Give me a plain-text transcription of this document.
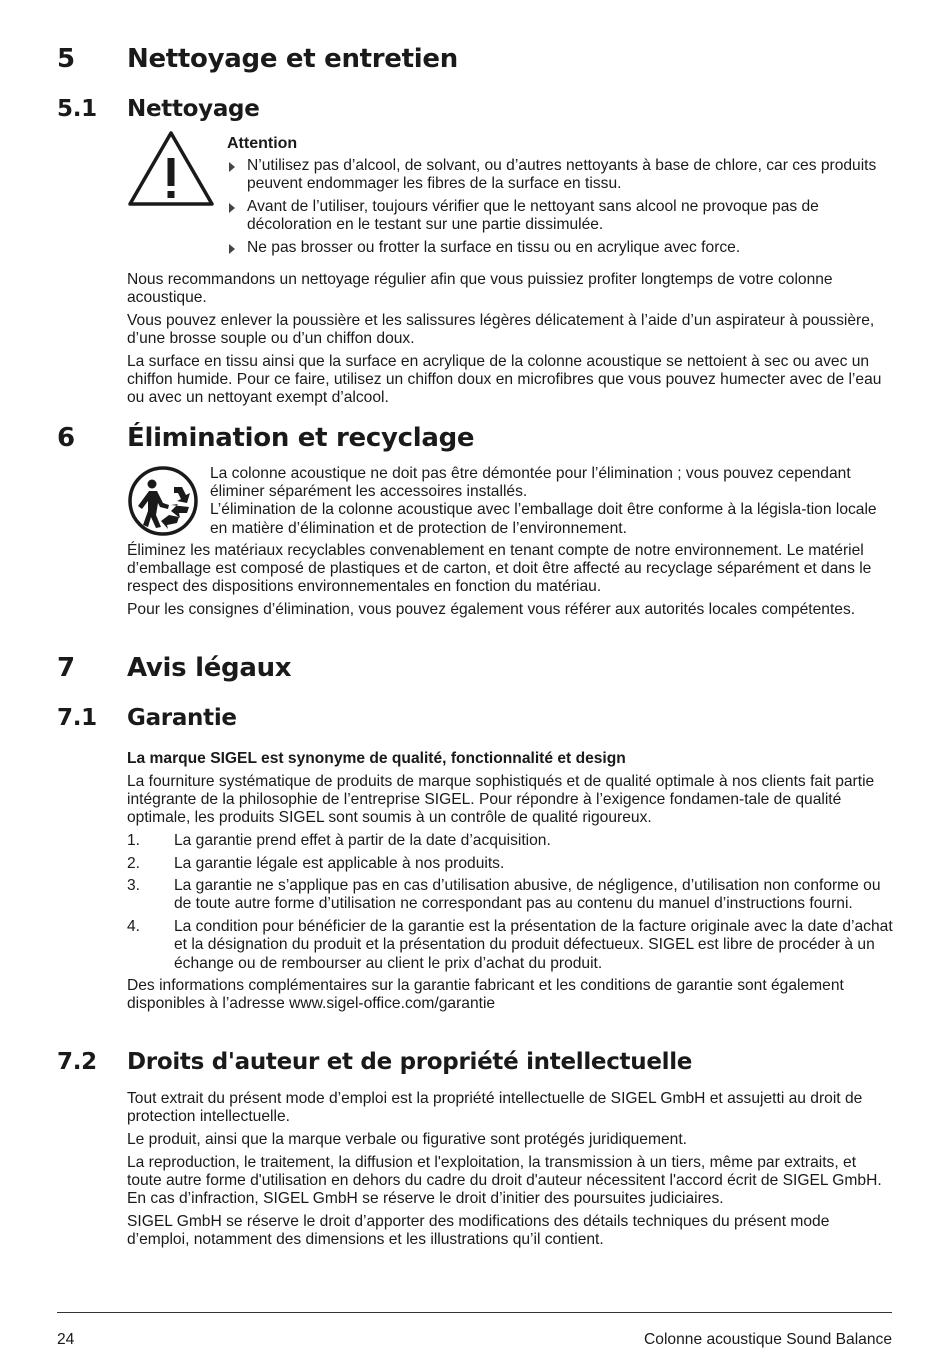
5	Nettoyage et entretien
5.1	Nettoyage
Attention
N’utilisez pas d’alcool, de solvant, ou d’autres nettoyants à base de chlore, car ces produits peuvent endommager les fibres de la surface en tissu.
Avant de l’utiliser, toujours vérifier que le nettoyant sans alcool ne provoque pas de décoloration en le testant sur une partie dissimulée.
Ne pas brosser ou frotter la surface en tissu ou en acrylique avec force.

Nous recommandons un nettoyage régulier afin que vous puissiez profiter longtemps de votre colonne acoustique.

Vous pouvez enlever la poussière et les salissures légères délicatement à l’aide d’un aspirateur à poussière, d’une brosse souple ou d’un chiffon doux.

La surface en tissu ainsi que la surface en acrylique de la colonne acoustique se nettoient à sec ou avec un chiffon humide. Pour ce faire, utilisez un chiffon doux en microfibres que vous pouvez humecter avec de l’eau ou avec un nettoyant exempt d’alcool.

6	Élimination et recyclage

La colonne acoustique ne doit pas être démontée pour l’élimination ; vous pouvez cependant éliminer séparément les accessoires installés.

L’élimination de la colonne acoustique avec l’emballage doit être conforme à la législa-tion locale en matière d’élimination et de protection de l’environnement.

Éliminez les matériaux recyclables convenablement en tenant compte de notre environnement. Le matériel d’emballage est composé de plastiques et de carton, et doit être affecté au recyclage séparément et dans le respect des dispositions environnementales en fonction du matériau.

Pour les consignes d’élimination, vous pouvez également vous référer aux autorités locales compétentes.

7	Avis légaux
7.1	Garantie

La marque SIGEL est synonyme de qualité, fonctionnalité et design

La fourniture systématique de produits de marque sophistiqués et de qualité optimale à nos clients fait partie intégrante de la philosophie de l’entreprise SIGEL. Pour répondre à l’exigence fondamen-tale de qualité optimale, les produits SIGEL sont soumis à un contrôle de qualité rigoureux.

1. La garantie prend effet à partir de la date d’acquisition.
2. La garantie légale est applicable à nos produits.
3. La garantie ne s’applique pas en cas d’utilisation abusive, de négligence, d’utilisation non conforme ou de toute autre forme d’utilisation ne correspondant pas au contenu du manuel d’instructions fourni.
4. La condition pour bénéficier de la garantie est la présentation de la facture originale avec la date d’achat et la désignation du produit et la présentation du produit défectueux. SIGEL est libre de procéder à un échange ou de rembourser au client le prix d’achat du produit.

Des informations complémentaires sur la garantie fabricant et les conditions de garantie sont également disponibles à l’adresse www.sigel-office.com/garantie

7.2	Droits d'auteur et de propriété intellectuelle

Tout extrait du présent mode d’emploi est la propriété intellectuelle de SIGEL GmbH et assujetti au droit de protection intellectuelle.

Le produit, ainsi que la marque verbale ou figurative sont protégés juridiquement.

La reproduction, le traitement, la diffusion et l'exploitation, la transmission à un tiers, même par extraits, et toute autre forme d'utilisation en dehors du cadre du droit d'auteur nécessitent l'accord écrit de SIGEL GmbH. En cas d’infraction, SIGEL GmbH se réserve le droit d’initier des poursuites judiciaires.

SIGEL GmbH se réserve le droit d’apporter des modifications des détails techniques du présent mode d’emploi, notamment des dimensions et les illustrations qu’il contient.

24	Colonne acoustique Sound Balance
